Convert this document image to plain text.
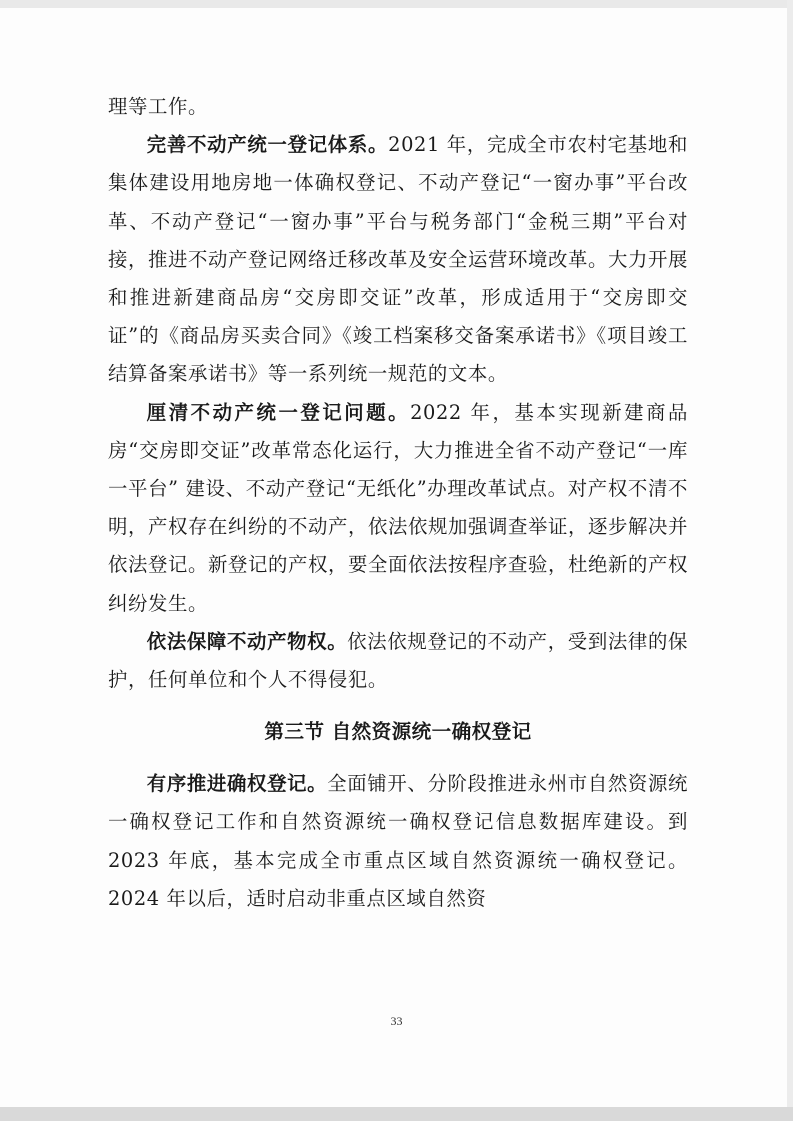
理等工作。

完善不动产统一登记体系。2021 年，完成全市农村宅基地和集体建设用地房地一体确权登记、不动产登记“一窗办事”平台改革、不动产登记“一窗办事”平台与税务部门“金税三期”平台对接，推进不动产登记网络迁移改革及安全运营环境改革。大力开展和推进新建商品房“交房即交证”改革，形成适用于“交房即交证”的《商品房买卖合同》《竣工档案移交备案承诺书》《项目竣工结算备案承诺书》等一系列统一规范的文本。

厘清不动产统一登记问题。2022 年，基本实现新建商品房“交房即交证”改革常态化运行，大力推进全省不动产登记“一库一平台” 建设、不动产登记“无纸化”办理改革试点。对产权不清不明，产权存在纠纷的不动产，依法依规加强调查举证，逐步解决并依法登记。新登记的产权，要全面依法按程序查验，杜绝新的产权纠纷发生。

依法保障不动产物权。依法依规登记的不动产，受到法律的保护，任何单位和个人不得侵犯。

第三节 自然资源统一确权登记

有序推进确权登记。全面铺开、分阶段推进永州市自然资源统一确权登记工作和自然资源统一确权登记信息数据库建设。到 2023 年底，基本完成全市重点区域自然资源统一确权登记。2024 年以后，适时启动非重点区域自然资

33
